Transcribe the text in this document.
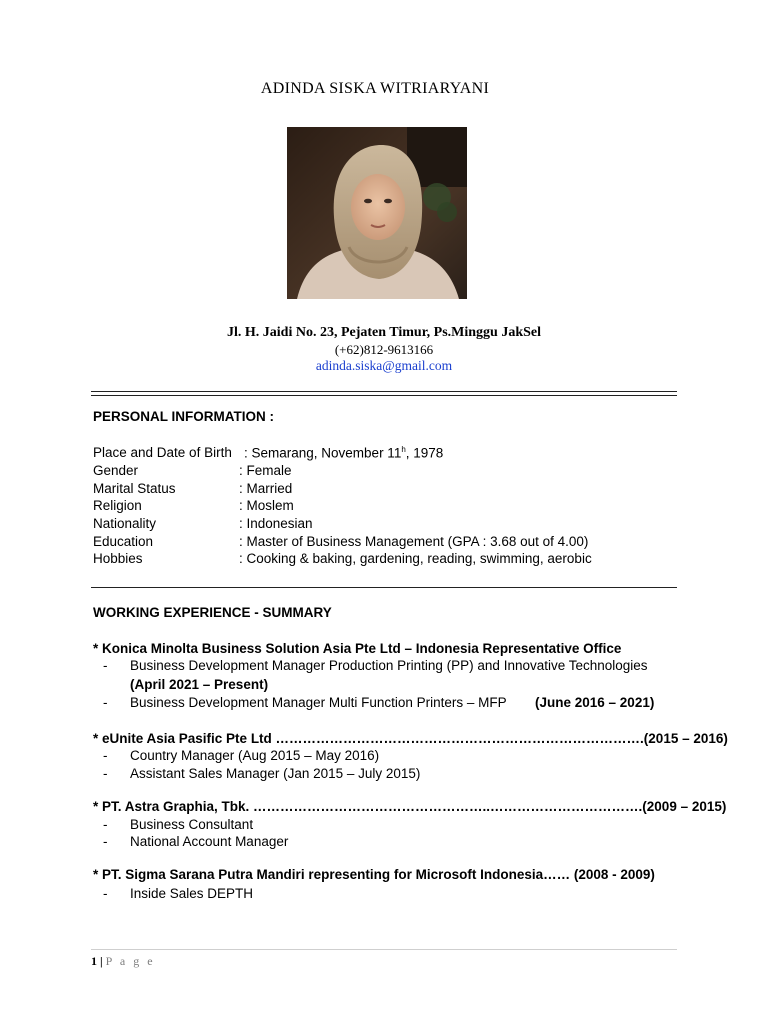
ADINDA SISKA WITRIARYANI
Jl. H. Jaidi No. 23, Pejaten Timur, Ps.Minggu JakSel
(+62)812-9613166
adinda.siska@gmail.com
PERSONAL INFORMATION :
Place and Date of Birth : Semarang, November 11$^h$, 1978
Gender	: Female
Marital Status	: Married
Religion	: Moslem
Nationality	: Indonesian
Education	: Master of Business Management (GPA : 3.68 out of 4.00)
Hobbies	: Cooking & baking, gardening, reading, swimming, aerobic
WORKING EXPERIENCE - SUMMARY
* Konica Minolta Business Solution Asia Pte Ltd – Indonesia Representative Office
- Business Development Manager Production Printing (PP) and Innovative Technologies
(April 2021 – Present)
- Business Development Manager Multi Function Printers – MFP (June 2016 – 2021)
* eUnite Asia Pasific Pte Ltd ……………………………………………………………………….(2015 – 2016)
- Country Manager (Aug 2015 – May 2016)
- Assistant Sales Manager (Jan 2015 – July 2015)
* PT. Astra Graphia, Tbk. ……………………………………………..…………………………….(2009 – 2015)
- Business Consultant
- National Account Manager
* PT. Sigma Sarana Putra Mandiri representing for Microsoft Indonesia…… (2008 - 2009)
- Inside Sales DEPTH
1 | P a g e
